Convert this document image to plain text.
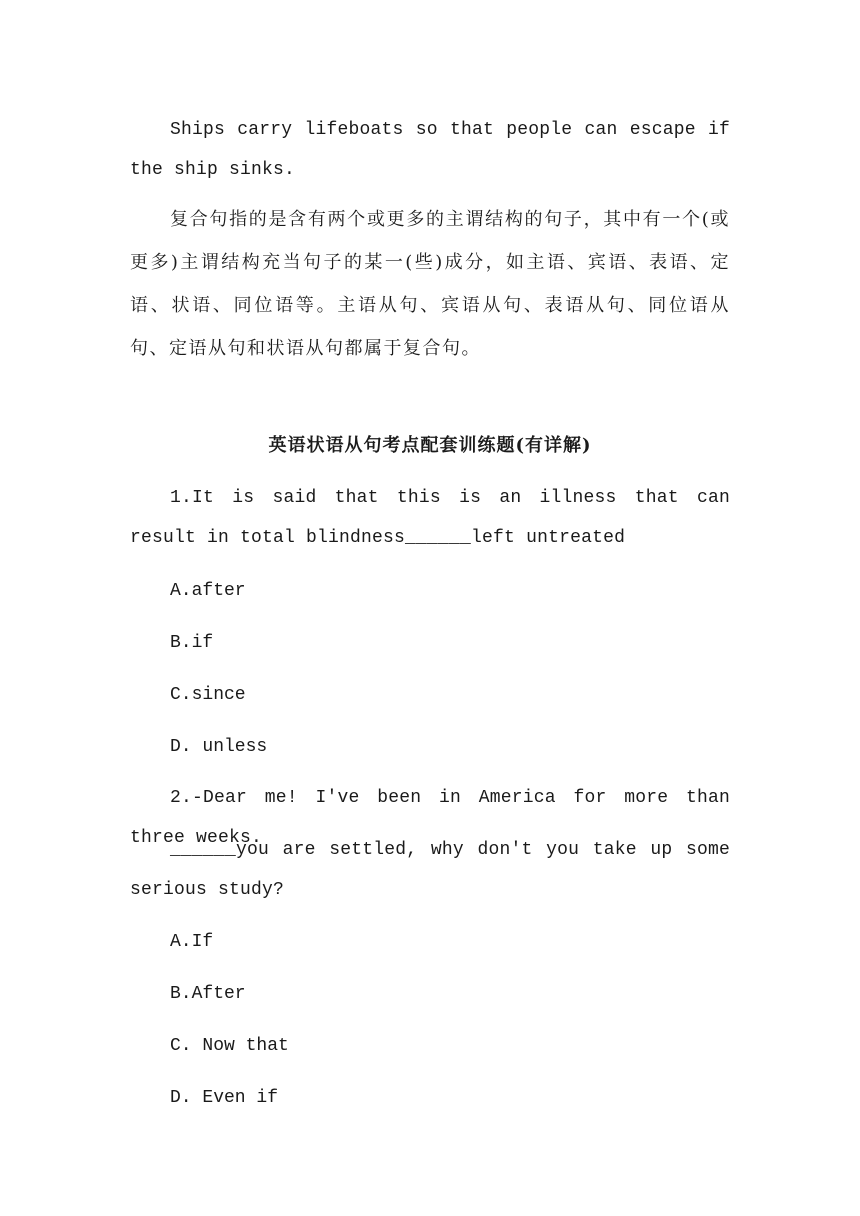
Ships carry lifeboats so that people can escape if the ship sinks.

复合句指的是含有两个或更多的主谓结构的句子，其中有一个(或更多)主谓结构充当句子的某一(些)成分，如主语、宾语、表语、定语、状语、同位语等。主语从句、宾语从句、表语从句、同位语从句、定语从句和状语从句都属于复合句。

英语状语从句考点配套训练题(有详解)

1.It is said that this is an illness that can result in total blindness______left untreated

A.after

B.if

C.since

D. unless

2.-Dear me! I've been in America for more than three weeks.

______you are settled, why don't you take up some serious study?

A.If

B.After

C. Now that

D. Even if
